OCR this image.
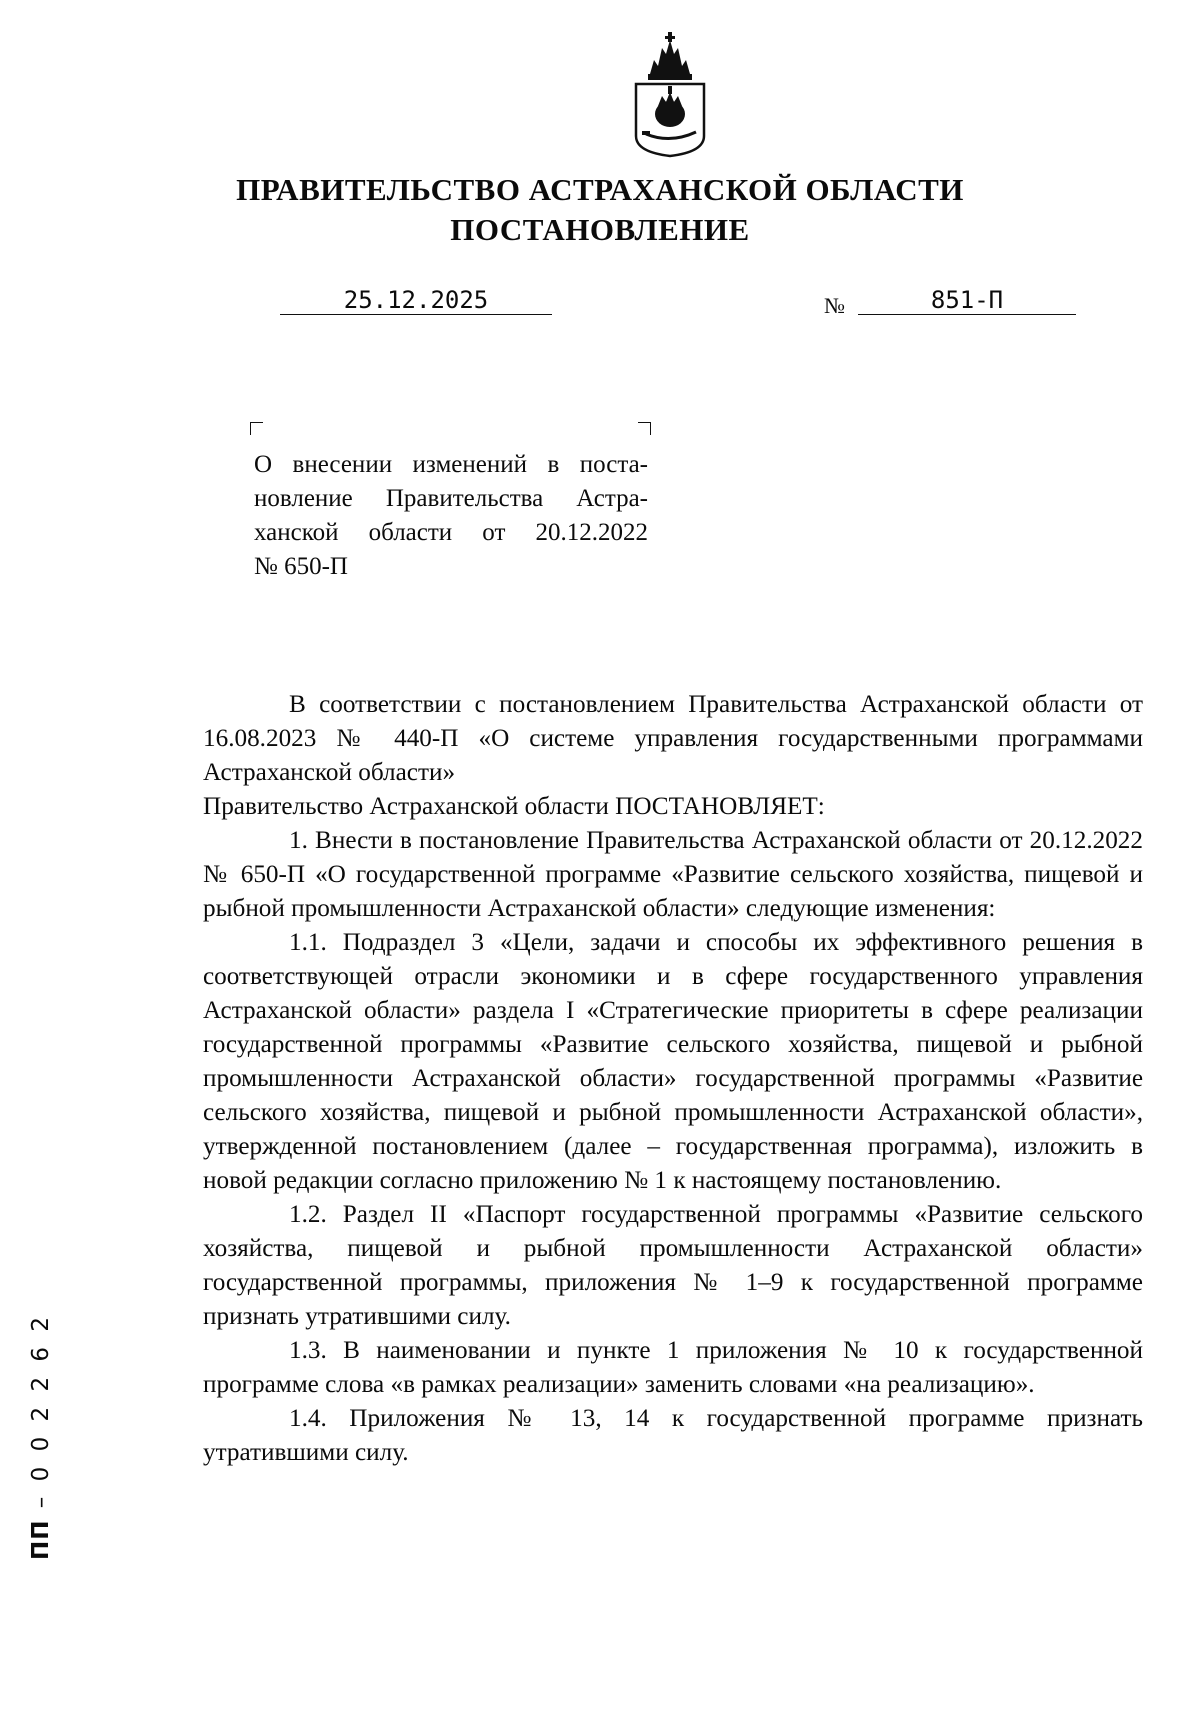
ПРАВИТЕЛЬСТВО АСТРАХАНСКОЙ ОБЛАСТИ
ПОСТАНОВЛЕНИЕ
25.12.2025	№	851-П

О внесении изменений в поста-
новление Правительства Астра-
ханской области от 20.12.2022
№ 650-П

В соответствии с постановлением Правительства Астраханской области от 16.08.2023 № 440-П «О системе управления государственными программами Астраханской области»

Правительство Астраханской области ПОСТАНОВЛЯЕТ:

1. Внести в постановление Правительства Астраханской области от 20.12.2022 № 650-П «О государственной программе «Развитие сельского хозяйства, пищевой и рыбной промышленности Астраханской области» следующие изменения:

1.1. Подраздел 3 «Цели, задачи и способы их эффективного решения в соответствующей отрасли экономики и в сфере государственного управления Астраханской области» раздела I «Стратегические приоритеты в сфере реализации государственной программы «Развитие сельского хозяйства, пищевой и рыбной промышленности Астраханской области» государственной программы «Развитие сельского хозяйства, пищевой и рыбной промышленности Астраханской области», утвержденной постановлением (далее – государственная программа), изложить в новой редакции согласно приложению № 1 к настоящему постановлению.

1.2. Раздел II «Паспорт государственной программы «Развитие сельского хозяйства, пищевой и рыбной промышленности Астраханской области» государственной программы, приложения № 1–9 к государственной программе признать утратившими силу.

1.3. В наименовании и пункте 1 приложения № 10 к государственной программе слова «в рамках реализации» заменить словами «на реализацию».

1.4. Приложения № 13, 14 к государственной программе признать утратившими силу.

ПП – 0 0 2 2 6 2
